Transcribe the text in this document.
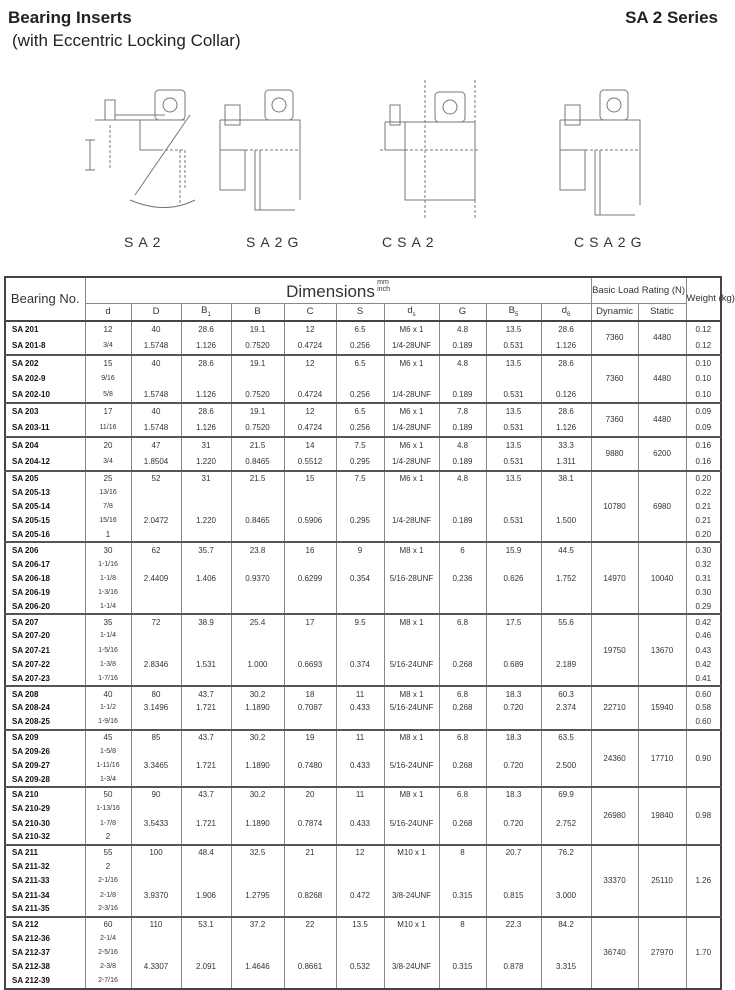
Bearing Inserts
(with Eccentric Locking Collar)
SA 2 Series
SA2	SA2G	CSA2	CSA2G
Bearing No.	Dimensions mm
inch										Basic Load Rating (N)		Weight (kg)
	d	D	$B_1$	B	C	S	$d_s$	G	$B_5$	$d_6$	Dynamic	Static	
SA 201	12	40	28.6	19.1	12	6.5	M6 x 1	4.8	13.5	28.6	7360	4480	0.12
SA 201-8	3/4	1.5748	1.126	0.7520	0.4724	0.256	1/4-28UNF	0.189	0.531	1.126			0.12
SA 202	15	40	28.6	19.1	12	6.5	M6 x 1	4.8	13.5	28.6	7360	4480	0.10
SA 202-9	9/16												0.10
SA 202-10	5/8	1.5748	1.126	0.7520	0.4724	0.256	1/4-28UNF	0.189	0.531	0.126			0.10
SA 203	17	40	28.6	19.1	12	6.5	M6 x 1	7.8	13.5	28.6	7360	4480	0.09
SA 203-11	11/16	1.5748	1.126	0.7520	0.4724	0.256	1/4-28UNF	0.189	0.531	1.126			0.09
SA 204	20	47	31	21.5	14	7.5	M6 x 1	4.8	13.5	33.3	9880	6200	0.16
SA 204-12	3/4	1.8504	1.220	0.8465	0.5512	0.295	1/4-28UNF	0.189	0.531	1.311			0.16
SA 205	25	52	31	21.5	15	7.5	M6 x 1	4.8	13.5	38.1	10780	6980	0.20
SA 205-13	13/16												0.22
SA 205-14	7/8												0.21
SA 205-15	15/16	2.0472	1.220	0.8465	0.5906	0.295	1/4-28UNF	0.189	0.531	1.500			0.21
SA 205-16	1												0.20
SA 206	30	62	35.7	23.8	16	9	M8 x 1	6	15.9	44.5	14970	10040	0.30
SA 206-17	1-1/16												0.32
SA 206-18	1-1/8	2.4409	1.406	0.9370	0.6299	0.354	5/16-28UNF	0.236	0.626	1.752			0.31
SA 206-19	1-3/16												0.30
SA 206-20	1-1/4												0.29
SA 207	35	72	38.9	25.4	17	9.5	M8 x 1	6.8	17.5	55.6	19750	13670	0.42
SA 207-20	1-1/4												0.46
SA 207-21	1-5/16												0.43
SA 207-22	1-3/8	2.8346	1.531	1.000	0.6693	0.374	5/16-24UNF	0.268	0.689	2.189			0.42
SA 207-23	1-7/16												0.41
SA 208	40	80	43.7	30.2	18	11	M8 x 1	6.8	18.3	60.3	22710	15940	0.60
SA 208-24	1-1/2	3.1496	1.721	1.1890	0.7087	0.433	5/16-24UNF	0.268	0.720	2.374			0.58
SA 208-25	1-9/16												0.60
SA 209	45	85	43.7	30.2	19	11	M8 x 1	6.8	18.3	63.5	24360	17710	0.90
SA 209-26	1-5/8												
SA 209-27	1-11/16	3.3465	1.721	1.1890	0.7480	0.433	5/16-24UNF	0.268	0.720	2.500			
SA 209-28	1-3/4												
SA 210	50	90	43.7	30.2	20	11	M8 x 1	6.8	18.3	69.9	26980	19840	0.98
SA 210-29	1-13/16												
SA 210-30	1-7/8	3.5433	1.721	1.1890	0.7874	0.433	5/16-24UNF	0.268	0.720	2.752			
SA 210-32	2												
SA 211	55	100	48.4	32.5	21	12	M10 x 1	8	20.7	76.2	33370	25110	1.26
SA 211-32	2												
SA 211-33	2-1/16												
SA 211-34	2-1/8	3.9370	1.906	1.2795	0.8268	0.472	3/8-24UNF	0.315	0.815	3.000			
SA 211-35	2-3/16												
SA 212	60	110	53.1	37.2	22	13.5	M10 x 1	8	22.3	84.2	36740	27970	1.70
SA 212-36	2-1/4												
SA 212-37	2-5/16												
SA 212-38	2-3/8	4.3307	2.091	1.4646	0.8661	0.532	3/8-24UNF	0.315	0.878	3.315			
SA 212-39	2-7/16												
